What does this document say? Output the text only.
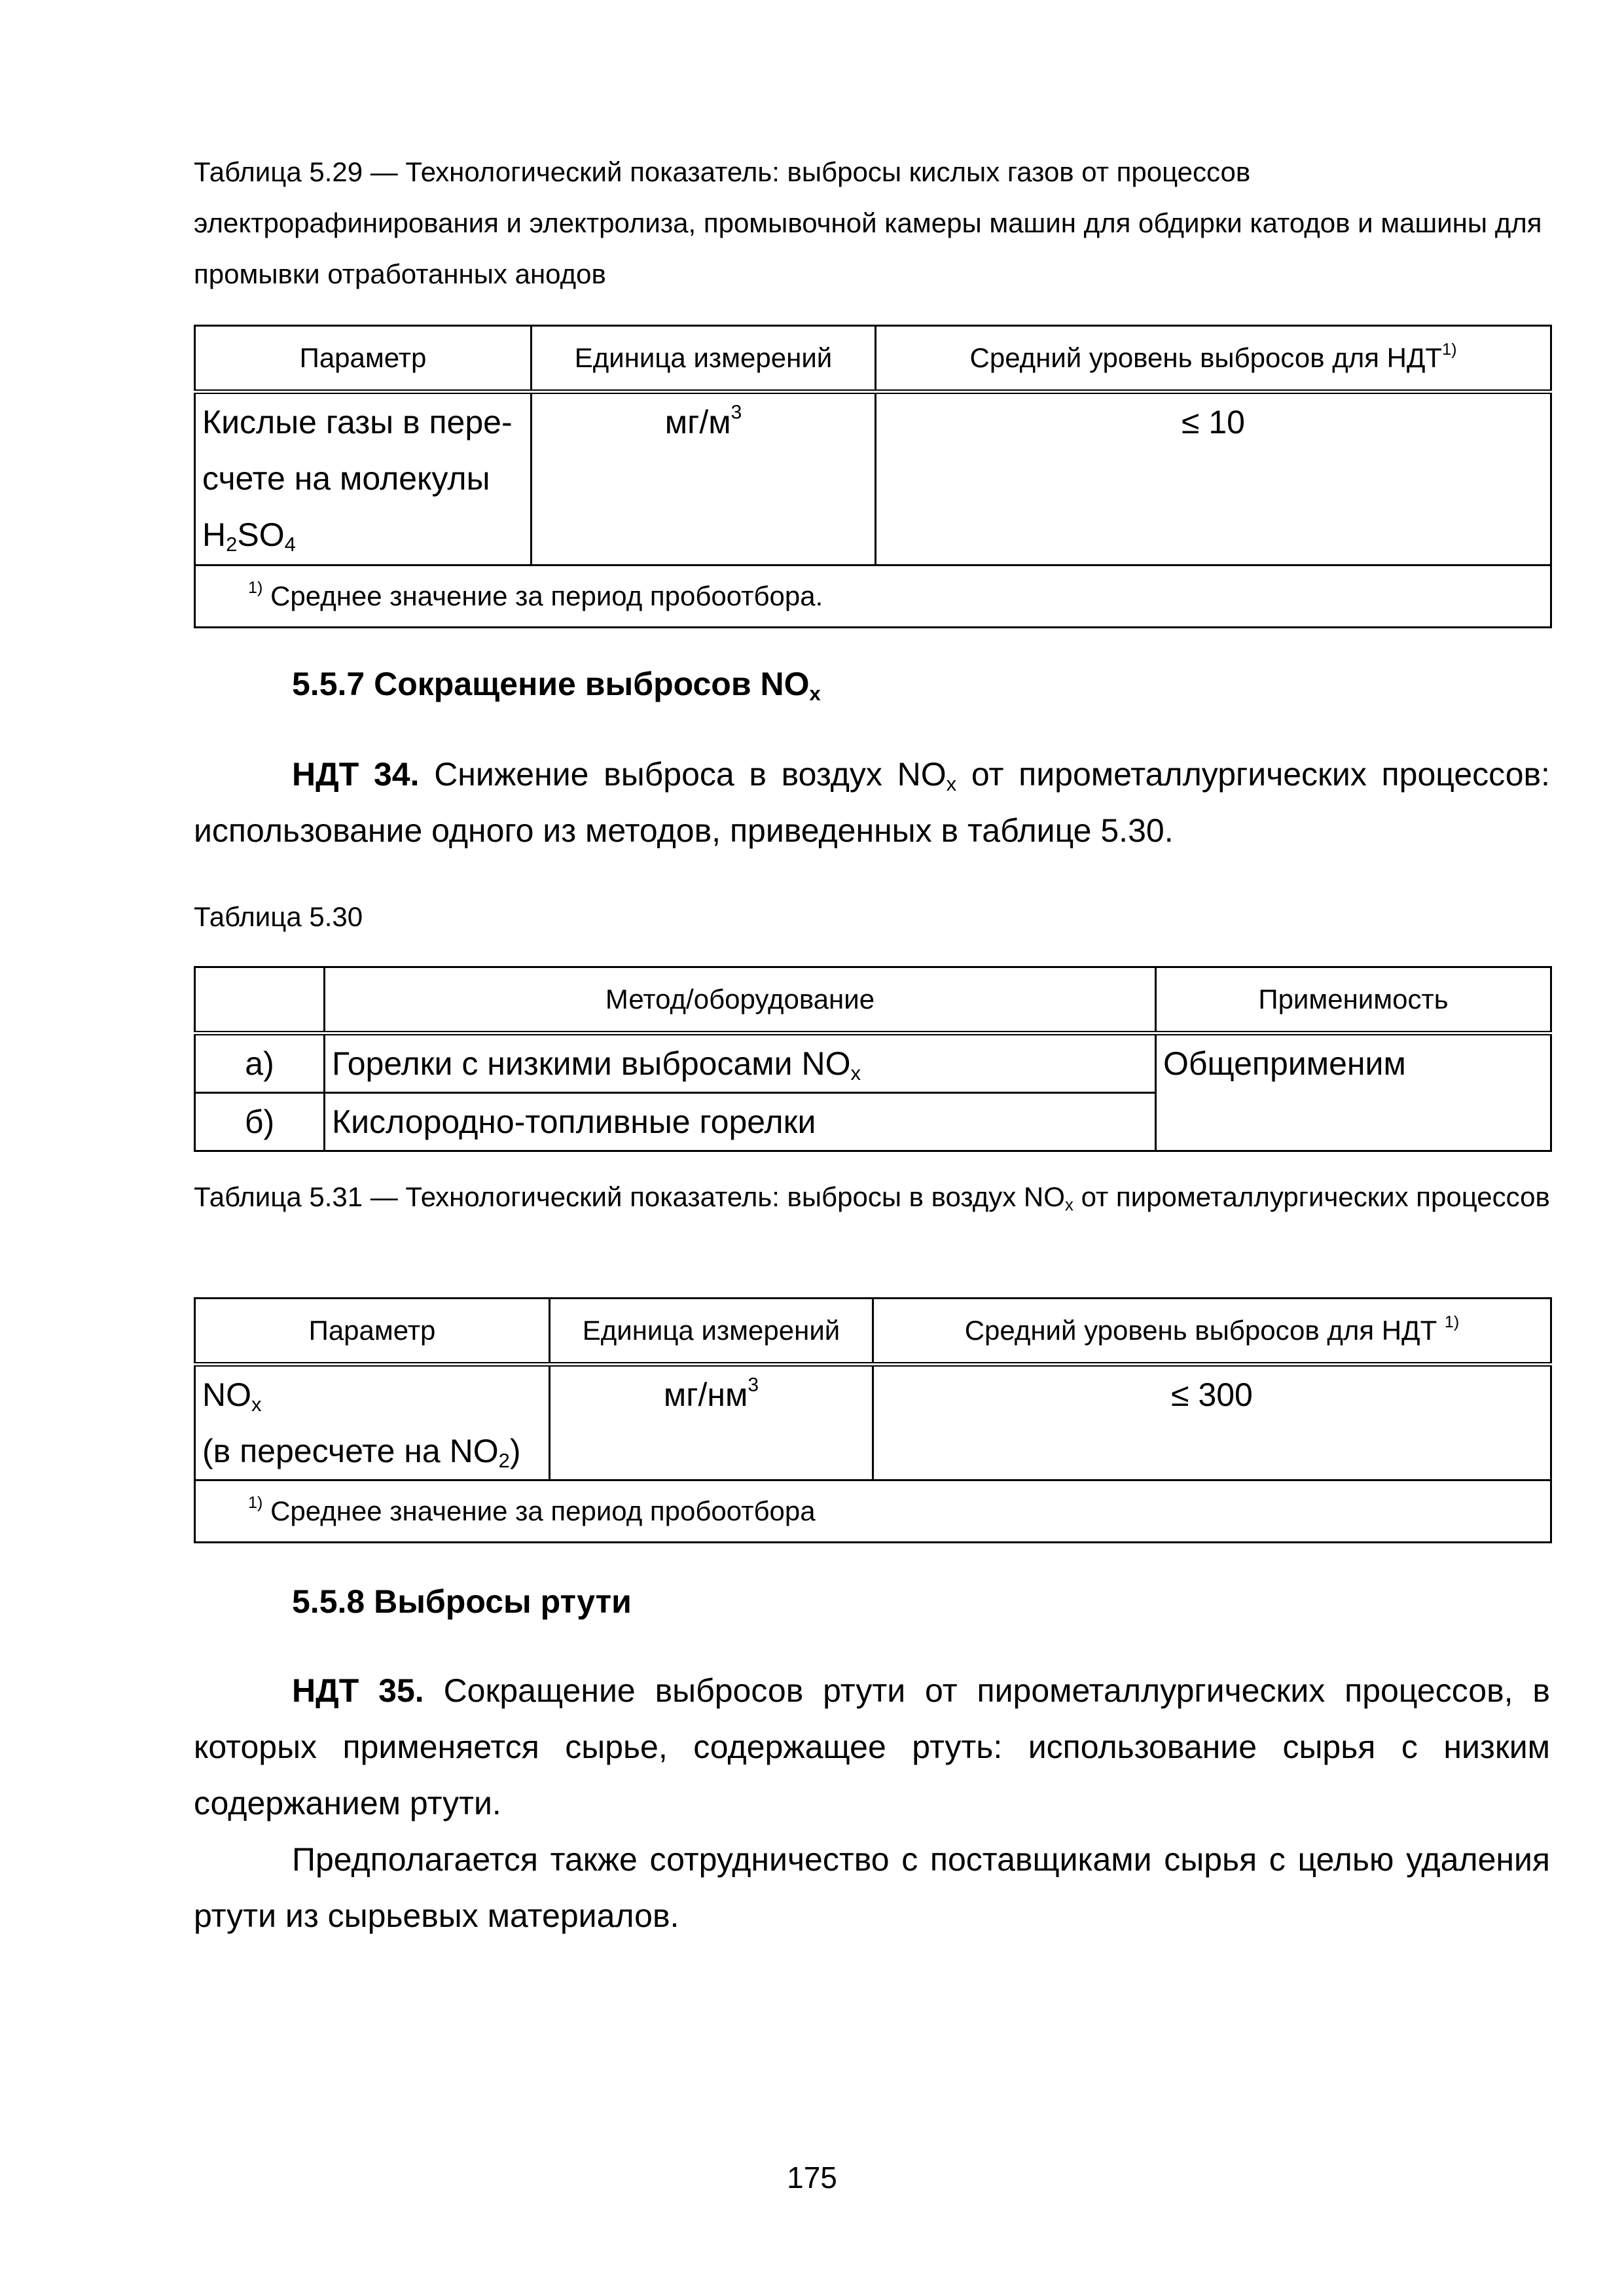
Таблица 5.29 — Технологический показатель: выбросы кислых газов от процессов электрорафинирования и электролиза, промывочной камеры машин для обдирки катодов и машины для промывки отработанных анодов
Параметр	Единица измерений	Средний уровень выбросов для НДТ$^{1)}$

Кислые газы в пере-
счете на молекулы
$H_2SO_4$	$мг/м^3$	≤ 10
$^{1)}$ Среднее значение за период пробоотбора.		
5.5.7 Сокращение выбросов $NO_x$
НДТ 34. Снижение выброса в воздух $NO_x$ от пирометаллургических процессов: использование одного из методов, приведенных в таблице 5.30.
Таблица 5.30
	Метод/оборудование	Применимость
а)	Горелки с низкими выбросами $NO_x$	Общеприменим
б)	Кислородно-топливные горелки	
Таблица 5.31 — Технологический показатель: выбросы в воздух $NO_x$ от пирометаллургических процессов
Параметр	Единица измерений	Средний уровень выбросов для НДТ $^{1)}$

$NO_x$
(в пересчете на $NO_2$)	$мг/нм^3$	≤ 300
$^{1)}$ Среднее значение за период пробоотбора		
5.5.8 Выбросы ртути
НДТ 35. Сокращение выбросов ртути от пирометаллургических процессов, в которых применяется сырье, содержащее ртуть: использование сырья с низким содержанием ртути.
Предполагается также сотрудничество с поставщиками сырья с целью удаления ртути из сырьевых материалов.
175
